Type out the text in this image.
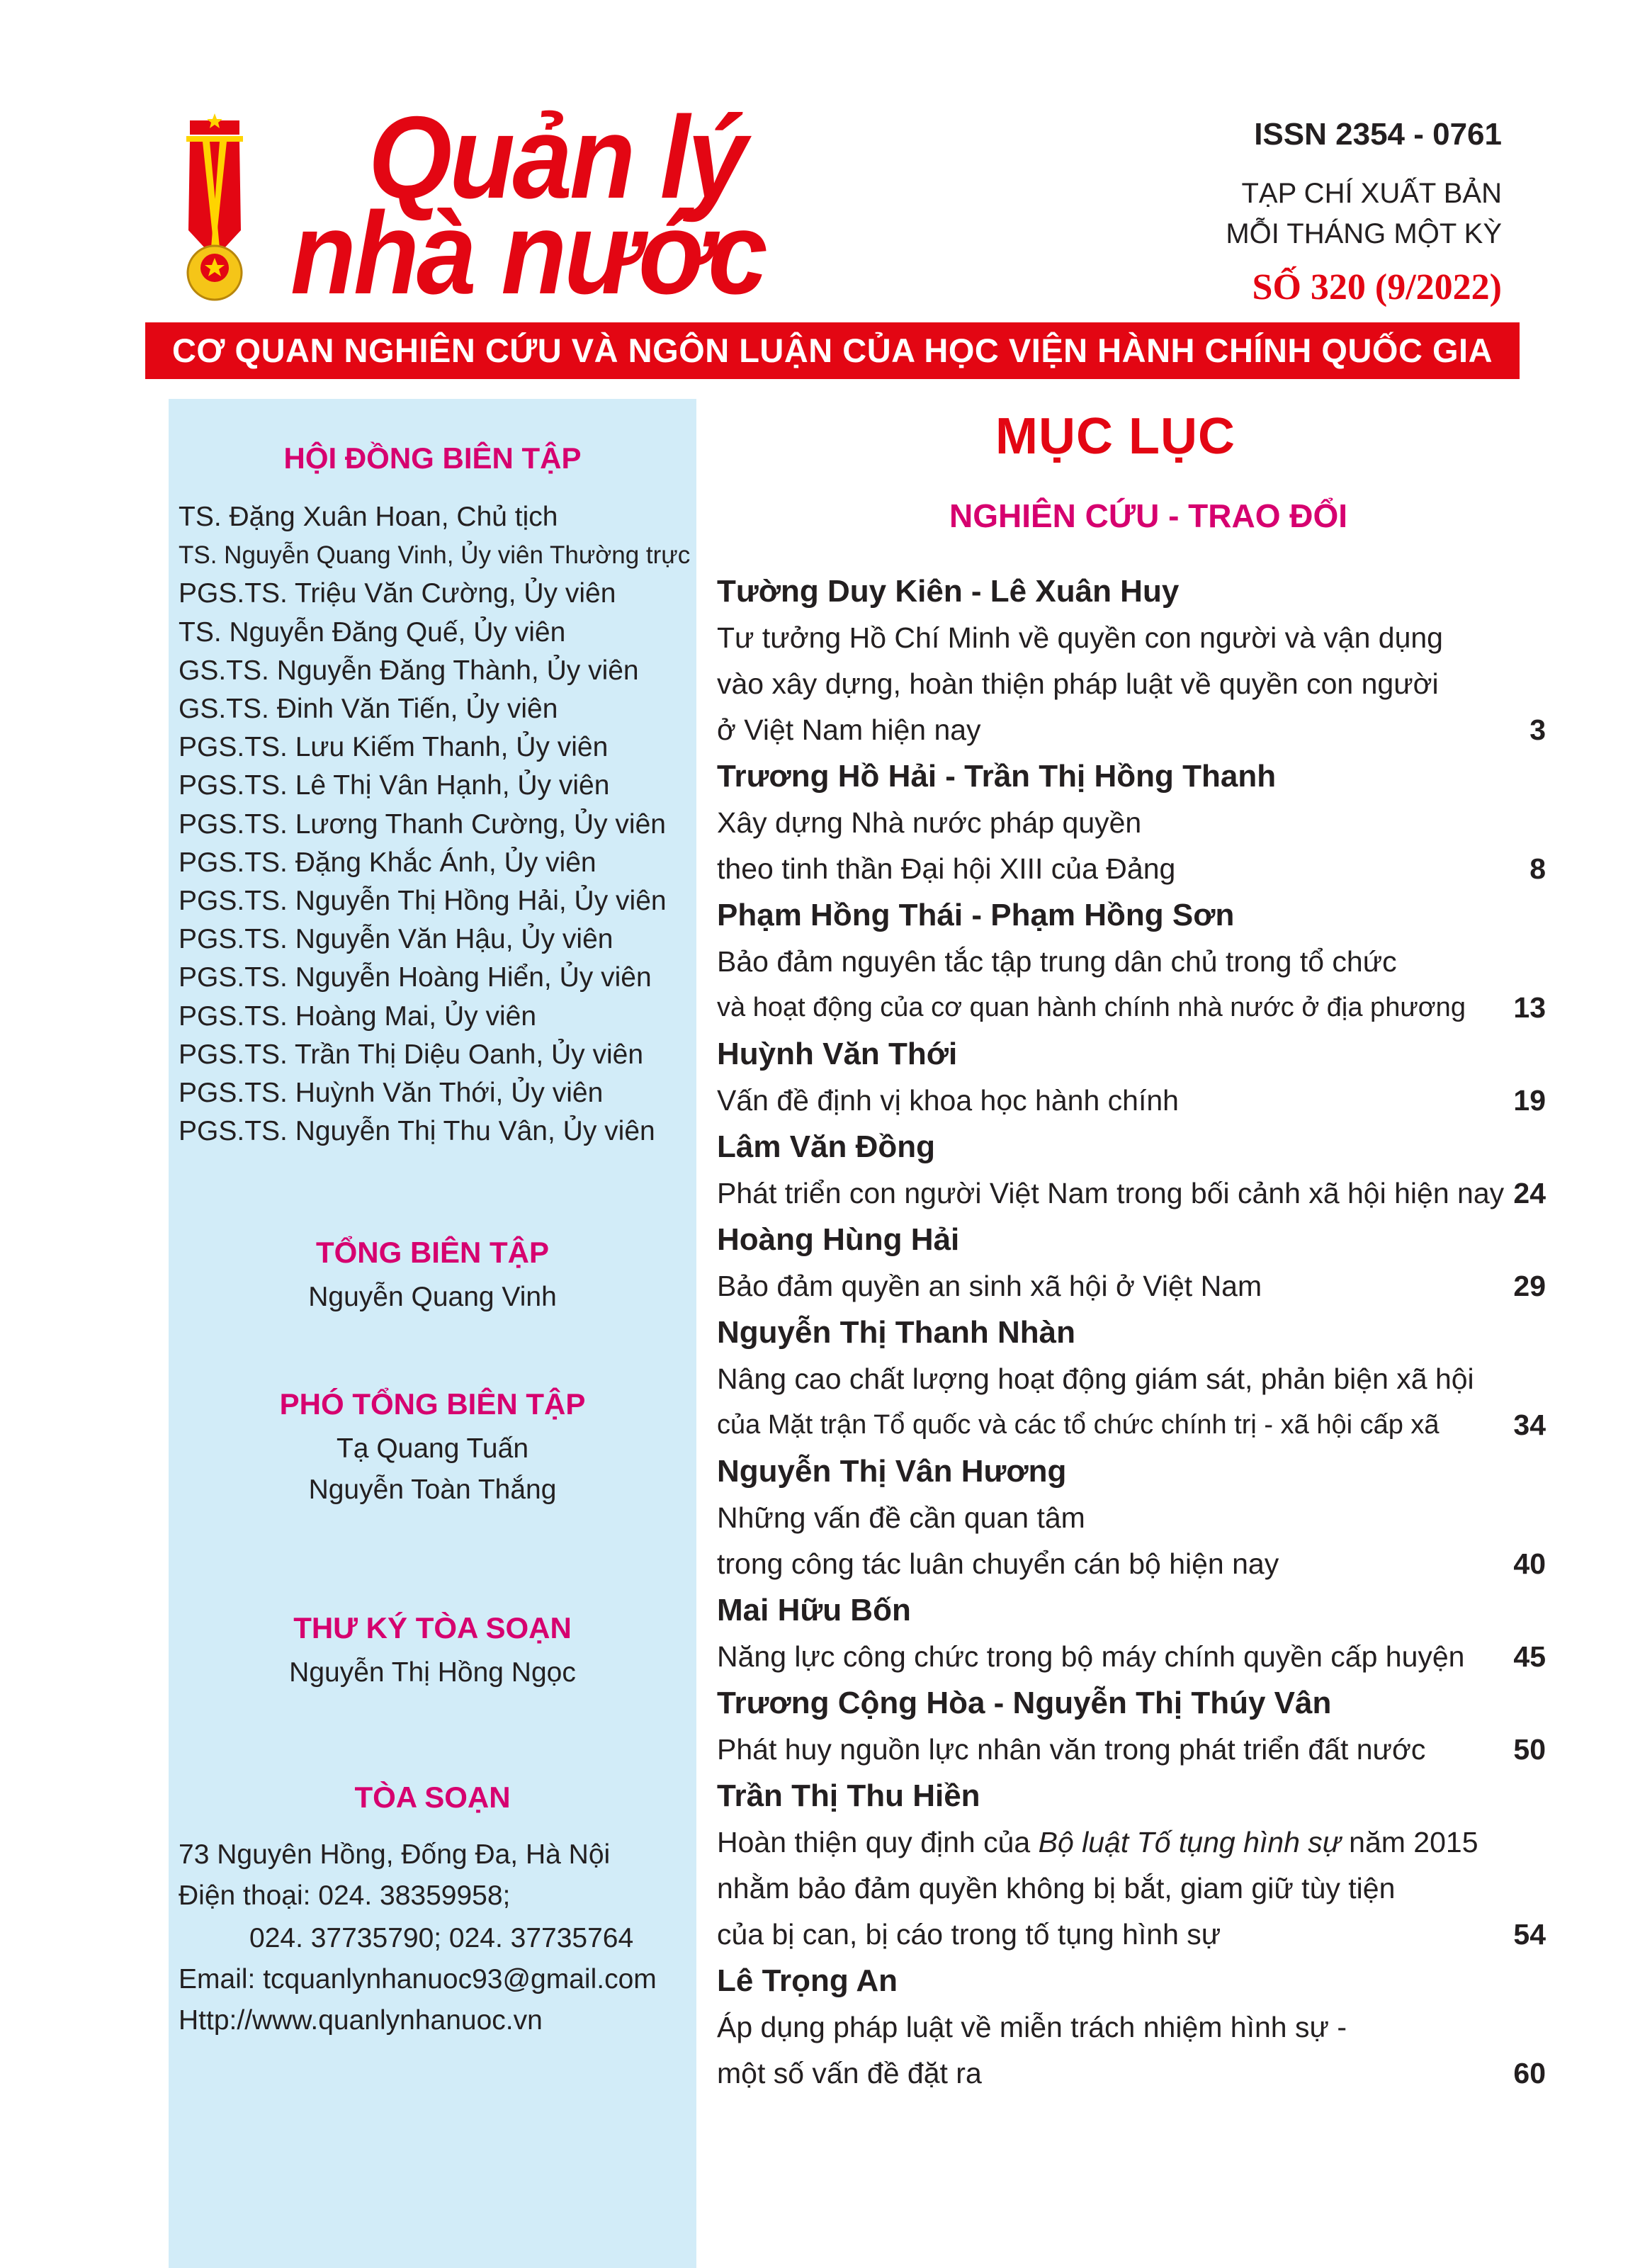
Quản lý
nhà nước
ISSN 2354 - 0761
TẠP CHÍ XUẤT BẢN
MỖI THÁNG MỘT KỲ
SỐ 320 (9/2022)
CƠ QUAN NGHIÊN CỨU VÀ NGÔN LUẬN CỦA HỌC VIỆN HÀNH CHÍNH QUỐC GIA
HỘI ĐỒNG BIÊN TẬP
TS. Đặng Xuân Hoan, Chủ tịch
TS. Nguyễn Quang Vinh, Ủy viên Thường trực
PGS.TS. Triệu Văn Cường, Ủy viên
TS. Nguyễn Đăng Quế, Ủy viên
GS.TS. Nguyễn Đăng Thành, Ủy viên
GS.TS. Đinh Văn Tiến, Ủy viên
PGS.TS. Lưu Kiếm Thanh, Ủy viên
PGS.TS. Lê Thị Vân Hạnh, Ủy viên
PGS.TS. Lương Thanh Cường, Ủy viên
PGS.TS. Đặng Khắc Ánh, Ủy viên
PGS.TS. Nguyễn Thị Hồng Hải, Ủy viên
PGS.TS. Nguyễn Văn Hậu, Ủy viên
PGS.TS. Nguyễn Hoàng Hiển, Ủy viên
PGS.TS. Hoàng Mai, Ủy viên
PGS.TS. Trần Thị Diệu Oanh, Ủy viên
PGS.TS. Huỳnh Văn Thới, Ủy viên
PGS.TS. Nguyễn Thị Thu Vân, Ủy viên
TỔNG BIÊN TẬP
Nguyễn Quang Vinh
PHÓ TỔNG BIÊN TẬP
Tạ Quang Tuấn
Nguyễn Toàn Thắng
THƯ KÝ TÒA SOẠN
Nguyễn Thị Hồng Ngọc
TÒA SOẠN
73 Nguyên Hồng, Đống Đa, Hà Nội
Điện thoại: 024. 38359958;
024. 37735790; 024. 37735764
Email: tcquanlynhanuoc93@gmail.com
Http://www.quanlynhanuoc.vn
MỤC LỤC
NGHIÊN CỨU - TRAO ĐỔI
Tường Duy Kiên - Lê Xuân Huy
Tư tưởng Hồ Chí Minh về quyền con người và vận dụng
vào xây dựng, hoàn thiện pháp luật về quyền con người
ở Việt Nam hiện nay	3
Trương Hồ Hải - Trần Thị Hồng Thanh
Xây dựng Nhà nước pháp quyền
theo tinh thần Đại hội XIII của Đảng	8
Phạm Hồng Thái - Phạm Hồng Sơn
Bảo đảm nguyên tắc tập trung dân chủ trong tổ chức
và hoạt động của cơ quan hành chính nhà nước ở địa phương 13
Huỳnh Văn Thới
Vấn đề định vị khoa học hành chính	19
Lâm Văn Đồng
Phát triển con người Việt Nam trong bối cảnh xã hội hiện nay 24
Hoàng Hùng Hải
Bảo đảm quyền an sinh xã hội ở Việt Nam	29
Nguyễn Thị Thanh Nhàn
Nâng cao chất lượng hoạt động giám sát, phản biện xã hội
của Mặt trận Tổ quốc và các tổ chức chính trị - xã hội cấp xã	34
Nguyễn Thị Vân Hương
Những vấn đề cần quan tâm
trong công tác luân chuyển cán bộ hiện nay	40
Mai Hữu Bốn
Năng lực công chức trong bộ máy chính quyền cấp huyện 45
Trương Cộng Hòa - Nguyễn Thị Thúy Vân
Phát huy nguồn lực nhân văn trong phát triển đất nước	50
Trần Thị Thu Hiền
Hoàn thiện quy định của Bộ luật Tố tụng hình sự năm 2015
nhằm bảo đảm quyền không bị bắt, giam giữ tùy tiện
của bị can, bị cáo trong tố tụng hình sự	54
Lê Trọng An
Áp dụng pháp luật về miễn trách nhiệm hình sự -
một số vấn đề đặt ra	60
